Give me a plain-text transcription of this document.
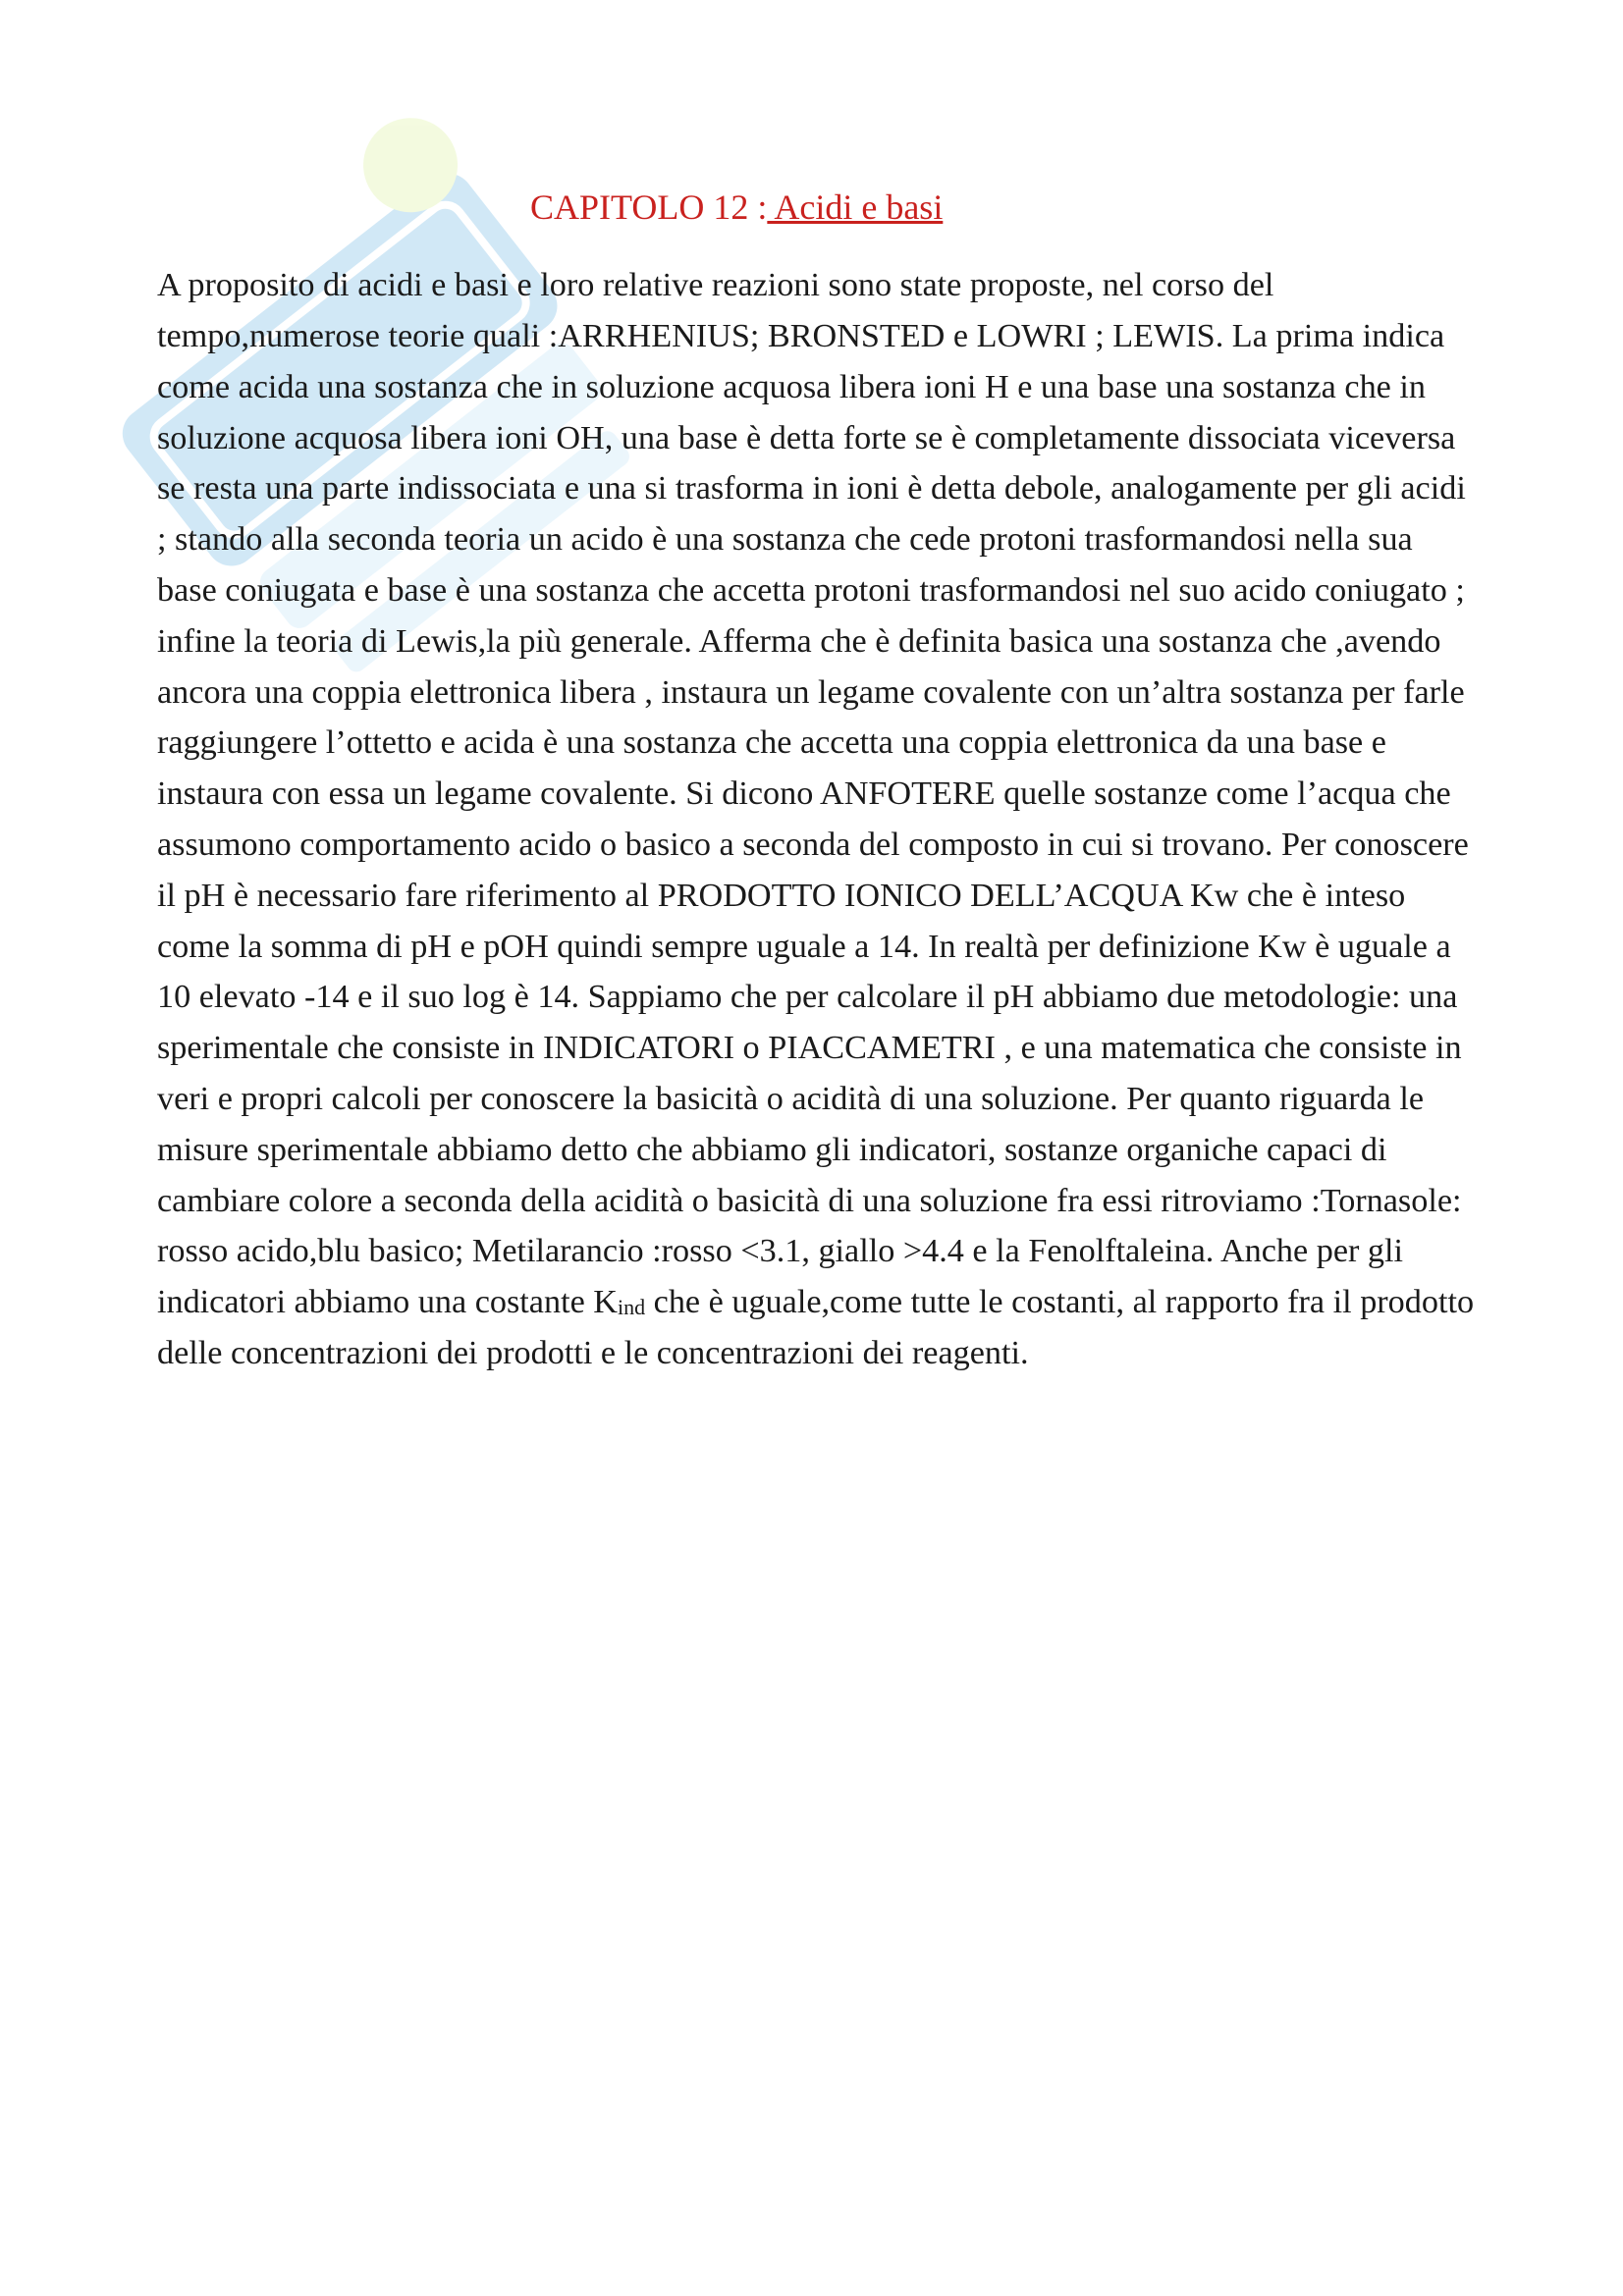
CAPITOLO 12 : Acidi e basi

A proposito di acidi e basi e loro relative reazioni sono state proposte, nel corso del tempo,numerose teorie quali :ARRHENIUS; BRONSTED e LOWRI ; LEWIS. La prima indica come acida una sostanza che in soluzione acquosa libera ioni H e una base una sostanza che in soluzione acquosa libera ioni OH, una base è detta forte se è completamente dissociata viceversa se resta una parte indissociata e una si trasforma in ioni è detta debole, analogamente per gli acidi ; stando alla seconda teoria un acido è una sostanza che cede protoni trasformandosi nella sua base coniugata e base è una sostanza che accetta protoni trasformandosi nel suo acido coniugato ; infine la teoria di Lewis,la più generale. Afferma che è definita basica una sostanza che ,avendo ancora una coppia elettronica libera , instaura un legame covalente con un’altra sostanza per farle raggiungere l’ottetto e acida è una sostanza che accetta una coppia elettronica da una base e instaura con essa un legame covalente. Si dicono ANFOTERE quelle sostanze come l’acqua che assumono comportamento acido o basico a seconda del composto in cui si trovano. Per conoscere il pH è necessario fare riferimento al PRODOTTO IONICO DELL’ACQUA Kw che è inteso come la somma di pH e pOH quindi sempre uguale a 14. In realtà per definizione Kw è uguale a 10 elevato -14 e il suo log è 14. Sappiamo che per calcolare il pH abbiamo due metodologie: una sperimentale che consiste in INDICATORI o PIACCAMETRI , e una matematica che consiste in veri e propri calcoli per conoscere la basicità o acidità di una soluzione. Per quanto riguarda le misure sperimentale abbiamo detto che abbiamo gli indicatori, sostanze organiche capaci di cambiare colore a seconda della acidità o basicità di una soluzione fra essi ritroviamo :Tornasole: rosso acido,blu basico; Metilarancio :rosso <3.1, giallo >4.4 e la Fenolftaleina. Anche per gli indicatori abbiamo una costante $K_{ind}$ che è uguale,come tutte le costanti, al rapporto fra il prodotto delle concentrazioni dei prodotti e le concentrazioni dei reagenti.
